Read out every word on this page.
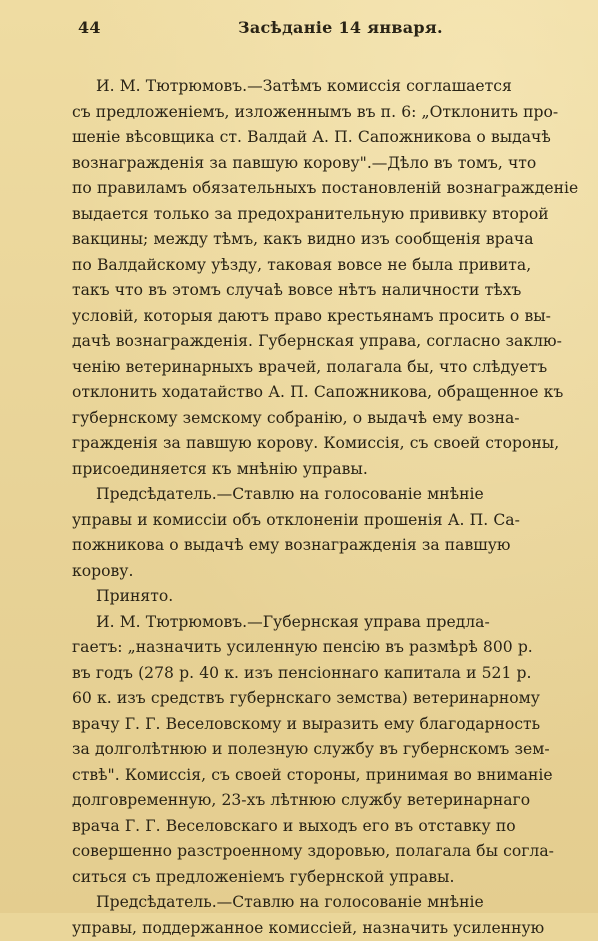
44	Засѣданіе 14 января.

И. М. Тютрюмовъ.—Затѣмъ комиссія соглашается
съ предложеніемъ, изложеннымъ въ п. 6: „Отклонить про-
шеніе вѣсовщика ст. Валдай А. П. Сапожникова о выдачѣ
вознагражденія за павшую корову".—Дѣло въ томъ, что
по правиламъ обязательныхъ постановленій вознагражденіе
выдается только за предохранительную прививку второй
вакцины; между тѣмъ, какъ видно изъ сообщенія врача
по Валдайскому уѣзду, таковая вовсе не была привита,
такъ что въ этомъ случаѣ вовсе нѣтъ наличности тѣхъ
условій, которыя даютъ право крестьянамъ просить о вы-
дачѣ вознагражденія. Губернская управа, согласно заклю-
ченію ветеринарныхъ врачей, полагала бы, что слѣдуетъ
отклонить ходатайство А. П. Сапожникова, обращенное къ
губернскому земскому собранію, о выдачѣ ему возна-
гражденія за павшую корову. Комиссія, съ своей стороны,
присоединяется къ мнѣнію управы.

Предсѣдатель.—Ставлю на голосованіе мнѣніе
управы и комиссіи объ отклоненіи прошенія А. П. Са-
пожникова о выдачѣ ему вознагражденія за павшую
корову.

Принято.

И. М. Тютрюмовъ.—Губернская управа предла-
гаетъ: „назначить усиленную пенсію въ размѣрѣ 800 р.
въ годъ (278 р. 40 к. изъ пенсіоннаго капитала и 521 р.
60 к. изъ средствъ губернскаго земства) ветеринарному
врачу Г. Г. Веселовскому и выразить ему благодарность
за долголѣтнюю и полезную службу въ губернскомъ зем-
ствѣ". Комиссія, съ своей стороны, принимая во вниманіе
долговременную, 23-хъ лѣтнюю службу ветеринарнаго
врача Г. Г. Веселовскаго и выходъ его въ отставку по
совершенно разстроенному здоровью, полагала бы согла-
ситься съ предложеніемъ губернской управы.

Предсѣдатель.—Ставлю на голосованіе мнѣніе
управы, поддержанное комиссіей, назначить усиленную
